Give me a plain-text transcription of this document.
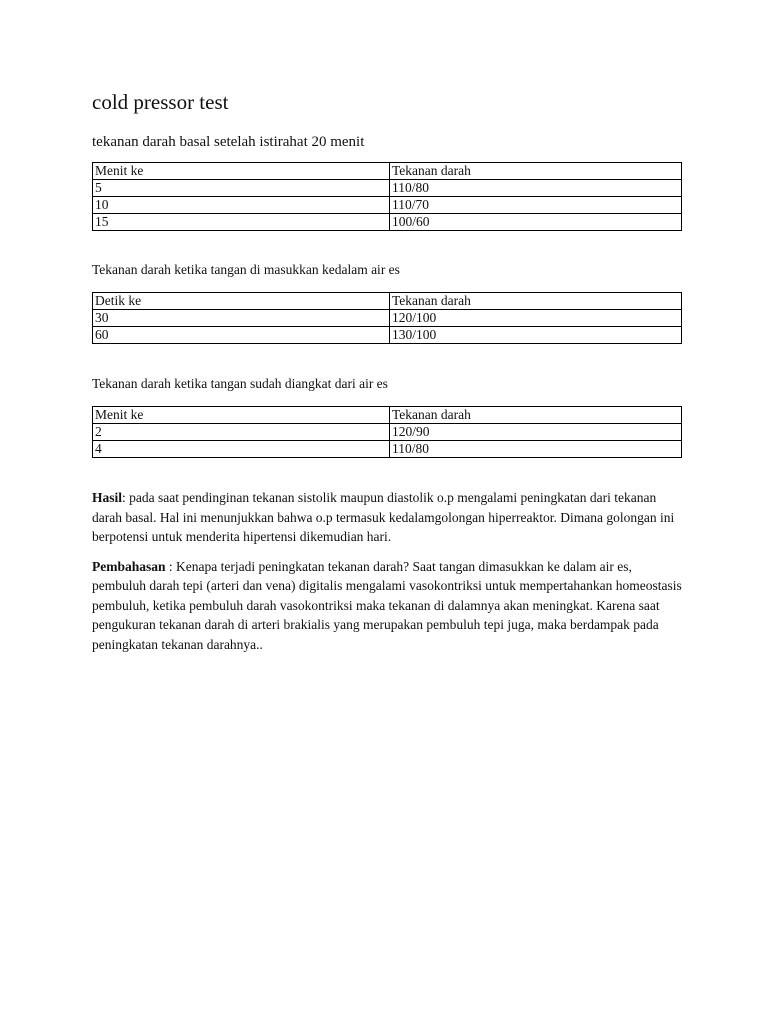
cold pressor test

tekanan darah basal setelah istirahat 20 menit

Menit ke	Tekanan darah
5	110/80
10	110/70
15	100/60

Tekanan darah ketika tangan di masukkan kedalam air es

Detik ke	Tekanan darah
30	120/100
60	130/100

Tekanan darah ketika tangan sudah diangkat dari air es

Menit ke	Tekanan darah
2	120/90
4	110/80

Hasil: pada saat pendinginan tekanan sistolik maupun diastolik o.p mengalami peningkatan dari tekanan darah basal. Hal ini menunjukkan bahwa o.p termasuk kedalamgolongan hiperreaktor. Dimana golongan ini berpotensi untuk menderita hipertensi dikemudian hari.

Pembahasan : Kenapa terjadi peningkatan tekanan darah? Saat tangan dimasukkan ke dalam air es, pembuluh darah tepi (arteri dan vena) digitalis mengalami vasokontriksi untuk mempertahankan homeostasis pembuluh, ketika pembuluh darah vasokontriksi maka tekanan di dalamnya akan meningkat. Karena saat pengukuran tekanan darah di arteri brakialis yang merupakan pembuluh tepi juga, maka berdampak pada peningkatan tekanan darahnya..
